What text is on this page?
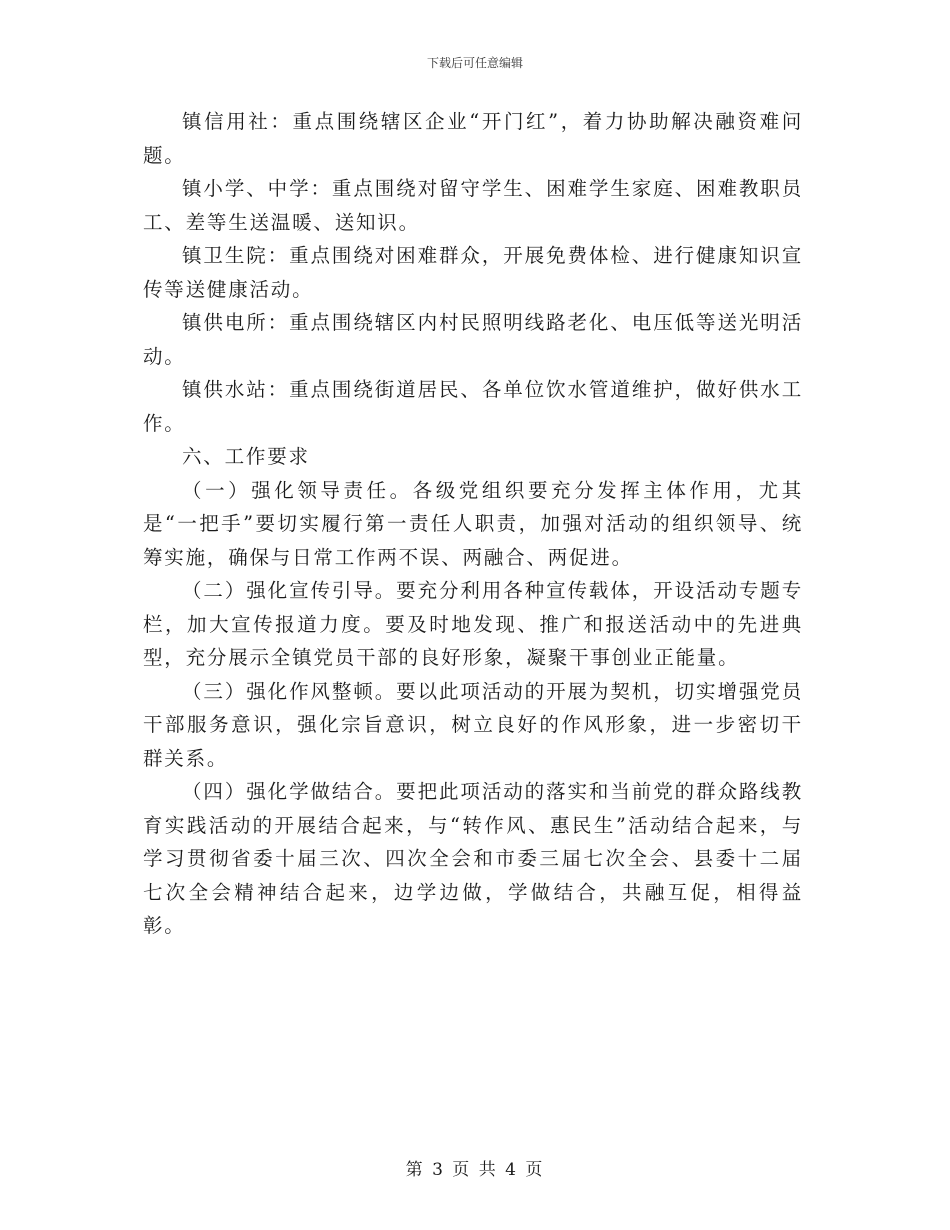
下载后可任意编辑

镇信用社：重点围绕辖区企业“开门红”，着力协助解决融资难问题。

镇小学、中学：重点围绕对留守学生、困难学生家庭、困难教职员工、差等生送温暖、送知识。

镇卫生院：重点围绕对困难群众，开展免费体检、进行健康知识宣传等送健康活动。

镇供电所：重点围绕辖区内村民照明线路老化、电压低等送光明活动。

镇供水站：重点围绕街道居民、各单位饮水管道维护，做好供水工作。

六、工作要求

（一）强化领导责任。各级党组织要充分发挥主体作用，尤其是“一把手”要切实履行第一责任人职责，加强对活动的组织领导、统筹实施，确保与日常工作两不误、两融合、两促进。

（二）强化宣传引导。要充分利用各种宣传载体，开设活动专题专栏，加大宣传报道力度。要及时地发现、推广和报送活动中的先进典型，充分展示全镇党员干部的良好形象，凝聚干事创业正能量。

（三）强化作风整顿。要以此项活动的开展为契机，切实增强党员干部服务意识，强化宗旨意识，树立良好的作风形象，进一步密切干群关系。

（四）强化学做结合。要把此项活动的落实和当前党的群众路线教育实践活动的开展结合起来，与“转作风、惠民生”活动结合起来，与学习贯彻省委十届三次、四次全会和市委三届七次全会、县委十二届七次全会精神结合起来，边学边做，学做结合，共融互促，相得益彰。

第 3 页 共 4 页
